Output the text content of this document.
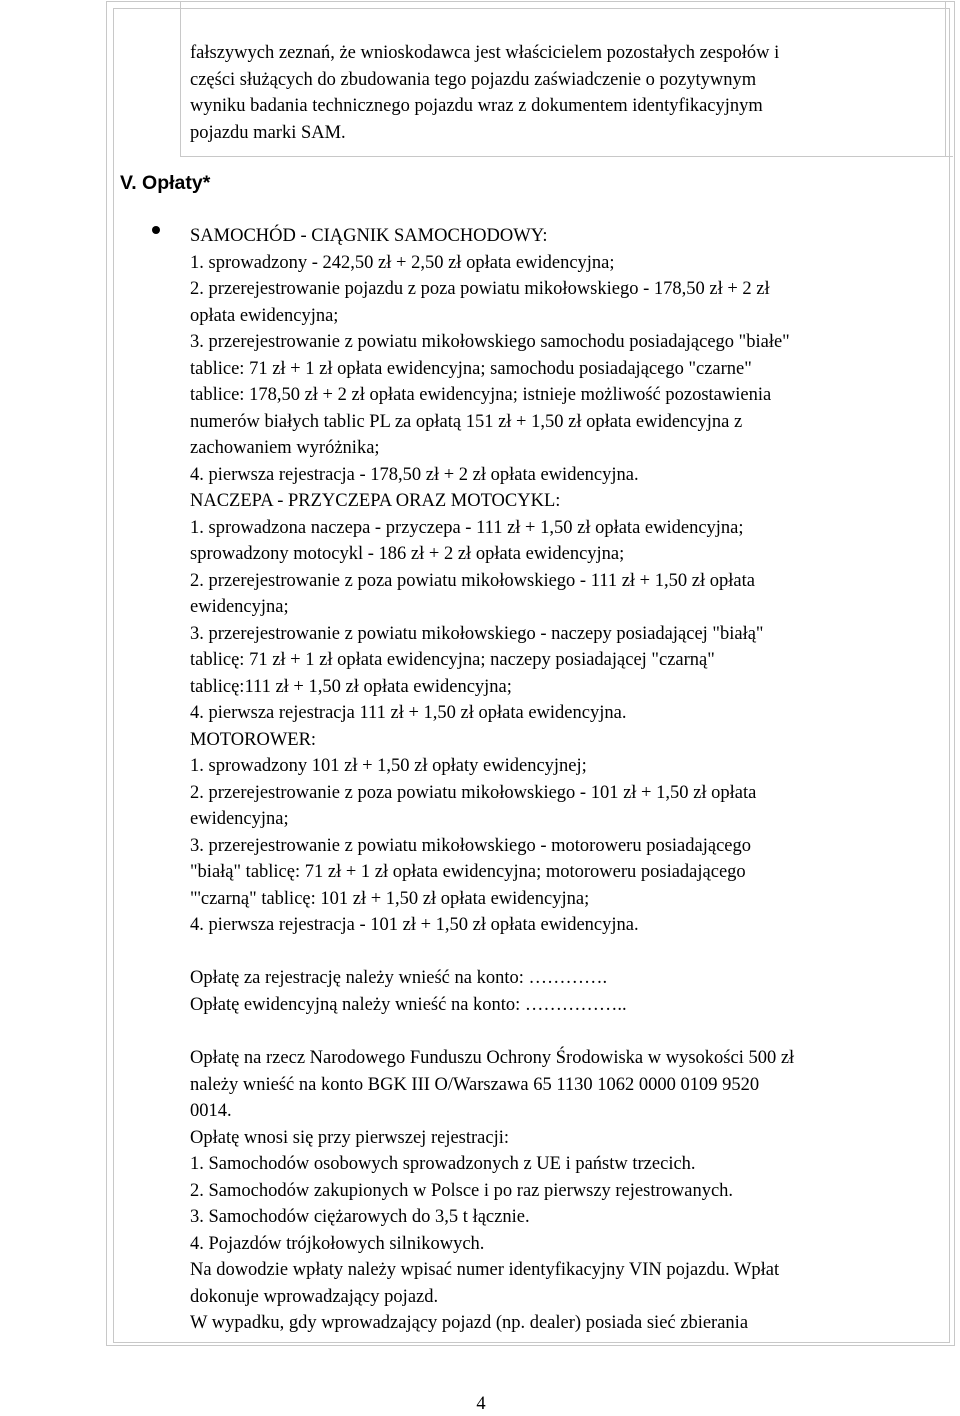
fałszywych zeznań, że wnioskodawca jest właścicielem pozostałych zespołów i

części służących do zbudowania tego pojazdu zaświadczenie o pozytywnym

wyniku badania technicznego pojazdu wraz z dokumentem identyfikacyjnym

pojazdu marki SAM.

V. Opłaty*

SAMOCHÓD - CIĄGNIK SAMOCHODOWY:

1. sprowadzony - 242,50 zł + 2,50 zł opłata ewidencyjna;

2. przerejestrowanie pojazdu z poza powiatu mikołowskiego - 178,50 zł + 2 zł

opłata ewidencyjna;

3. przerejestrowanie z powiatu mikołowskiego samochodu posiadającego "białe"

tablice: 71 zł + 1 zł opłata ewidencyjna; samochodu posiadającego "czarne"

tablice: 178,50 zł + 2 zł opłata ewidencyjna; istnieje możliwość pozostawienia

numerów białych tablic PL za opłatą 151 zł + 1,50 zł opłata ewidencyjna z

zachowaniem wyróżnika;

4. pierwsza rejestracja - 178,50 zł + 2 zł opłata ewidencyjna.

NACZEPA - PRZYCZEPA ORAZ MOTOCYKL:

1. sprowadzona naczepa - przyczepa - 111 zł + 1,50 zł opłata ewidencyjna;

sprowadzony motocykl - 186 zł + 2 zł opłata ewidencyjna;

2. przerejestrowanie z poza powiatu mikołowskiego - 111 zł + 1,50 zł opłata

ewidencyjna;

3. przerejestrowanie z powiatu mikołowskiego - naczepy posiadającej "białą"

tablicę: 71 zł + 1 zł opłata ewidencyjna; naczepy posiadającej "czarną"

tablicę:111 zł + 1,50 zł opłata ewidencyjna;

4. pierwsza rejestracja 111 zł + 1,50 zł opłata ewidencyjna.

MOTOROWER:

1. sprowadzony 101 zł + 1,50 zł opłaty ewidencyjnej;

2. przerejestrowanie z poza powiatu mikołowskiego - 101 zł + 1,50 zł opłata

ewidencyjna;

3. przerejestrowanie z powiatu mikołowskiego - motoroweru posiadającego

"białą" tablicę: 71 zł + 1 zł opłata ewidencyjna; motoroweru posiadającego

"'czarną" tablicę: 101 zł + 1,50 zł opłata ewidencyjna;

4. pierwsza rejestracja - 101 zł + 1,50 zł opłata ewidencyjna.

Opłatę za rejestrację należy wnieść na konto: ………….

Opłatę ewidencyjną należy wnieść na konto: ……………..

Opłatę na rzecz Narodowego Funduszu Ochrony Środowiska w wysokości 500 zł

należy wnieść na konto BGK III O/Warszawa 65 1130 1062 0000 0109 9520

0014.

Opłatę wnosi się przy pierwszej rejestracji:

1. Samochodów osobowych sprowadzonych z UE i państw trzecich.

2. Samochodów zakupionych w Polsce i po raz pierwszy rejestrowanych.

3. Samochodów ciężarowych do 3,5 t łącznie.

4. Pojazdów trójkołowych silnikowych.

Na dowodzie wpłaty należy wpisać numer identyfikacyjny VIN pojazdu. Wpłat

dokonuje wprowadzający pojazd.

W wypadku, gdy wprowadzający pojazd (np. dealer) posiada sieć zbierania

4
